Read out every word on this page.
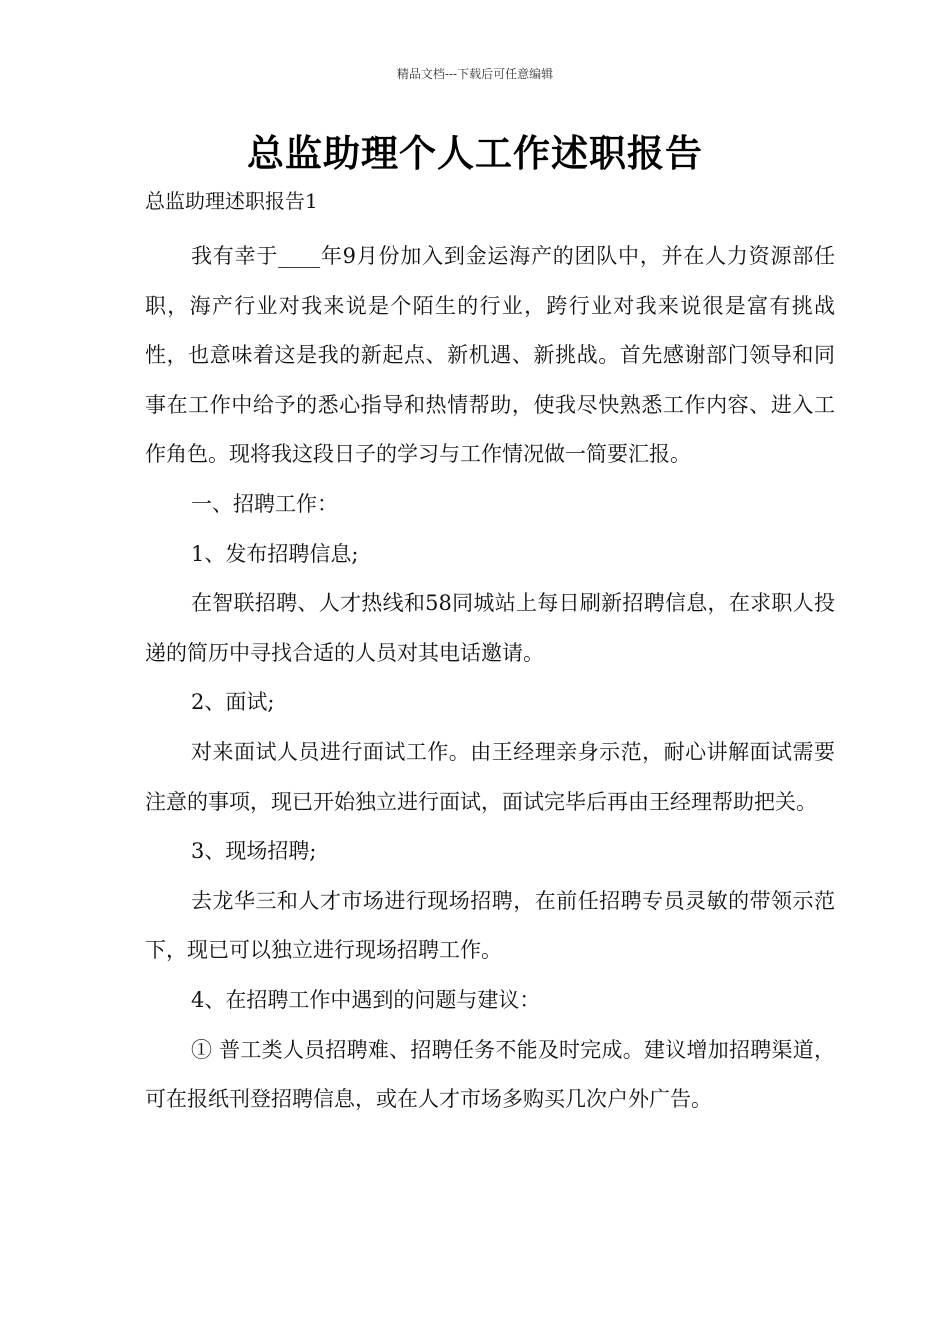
精品文档---下载后可任意编辑
总监助理个人工作述职报告
总监助理述职报告1

我有幸于____年9月份加入到金运海产的团队中，并在人力资源部任职，海产行业对我来说是个陌生的行业，跨行业对我来说很是富有挑战性，也意味着这是我的新起点、新机遇、新挑战。首先感谢部门领导和同事在工作中给予的悉心指导和热情帮助，使我尽快熟悉工作内容、进入工作角色。现将我这段日子的学习与工作情况做一简要汇报。

一、招聘工作：

1、发布招聘信息;

在智联招聘、人才热线和58同城站上每日刷新招聘信息，在求职人投递的简历中寻找合适的人员对其电话邀请。

2、面试;

对来面试人员进行面试工作。由王经理亲身示范，耐心讲解面试需要注意的事项，现已开始独立进行面试，面试完毕后再由王经理帮助把关。

3、现场招聘;

去龙华三和人才市场进行现场招聘，在前任招聘专员灵敏的带领示范下，现已可以独立进行现场招聘工作。

4、在招聘工作中遇到的问题与建议：

① 普工类人员招聘难、招聘任务不能及时完成。建议增加招聘渠道，可在报纸刊登招聘信息，或在人才市场多购买几次户外广告。
